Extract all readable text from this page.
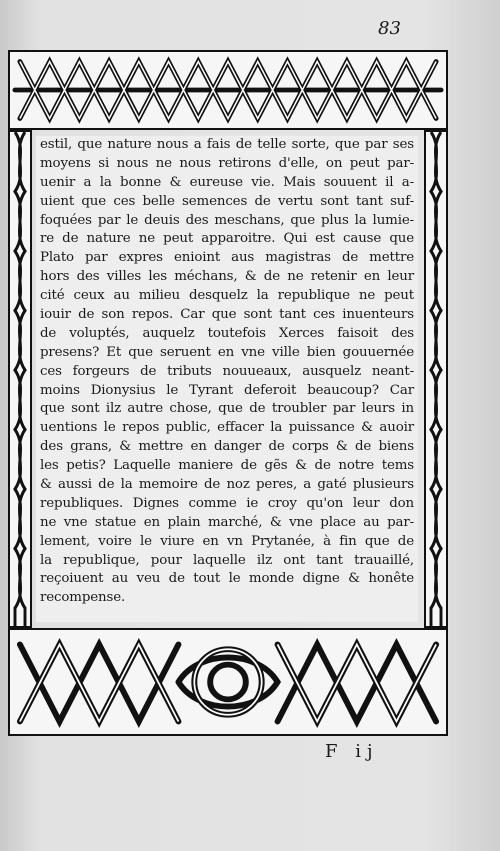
83
estil, que nature nous a fais de telle sorte, que par ses
moyens si nous ne nous retirons d'elle, on peut par-
uenir a la bonne & eureuse vie. Mais souuent il a-
uient que ces belle semences de vertu sont tant suf-
foquées par le deuis des meschans, que plus la lumie-
re de nature ne peut apparoitre. Qui est cause que
Plato par expres enioint aus magistras de mettre
hors des villes les méchans, & de ne retenir en leur
cité ceux au milieu desquelz la republique ne peut
iouir de son repos. Car que sont tant ces inuenteurs
de voluptés, auquelz toutefois Xerces faisoit des
presens? Et que seruent en vne ville bien gouuernée
ces forgeurs de tributs nouueaux, ausquelz neant-
moins Dionysius le Tyrant deferoit beaucoup? Car
que sont ilz autre chose, que de troubler par leurs in
uentions le repos public, effacer la puissance & auoir
des grans, & mettre en danger de corps & de biens
les petis? Laquelle maniere de gẽs & de notre tems
& aussi de la memoire de noz peres, a gaté plusieurs
republiques. Dignes comme ie croy qu'on leur don
ne vne statue en plain marché, & vne place au par-
lement, voire le viure en vn Prytanée, à fin que de
la republique, pour laquelle ilz ont tant trauaillé,
reçoiuent au veu de tout le monde digne & honête
recompense.
F ij
